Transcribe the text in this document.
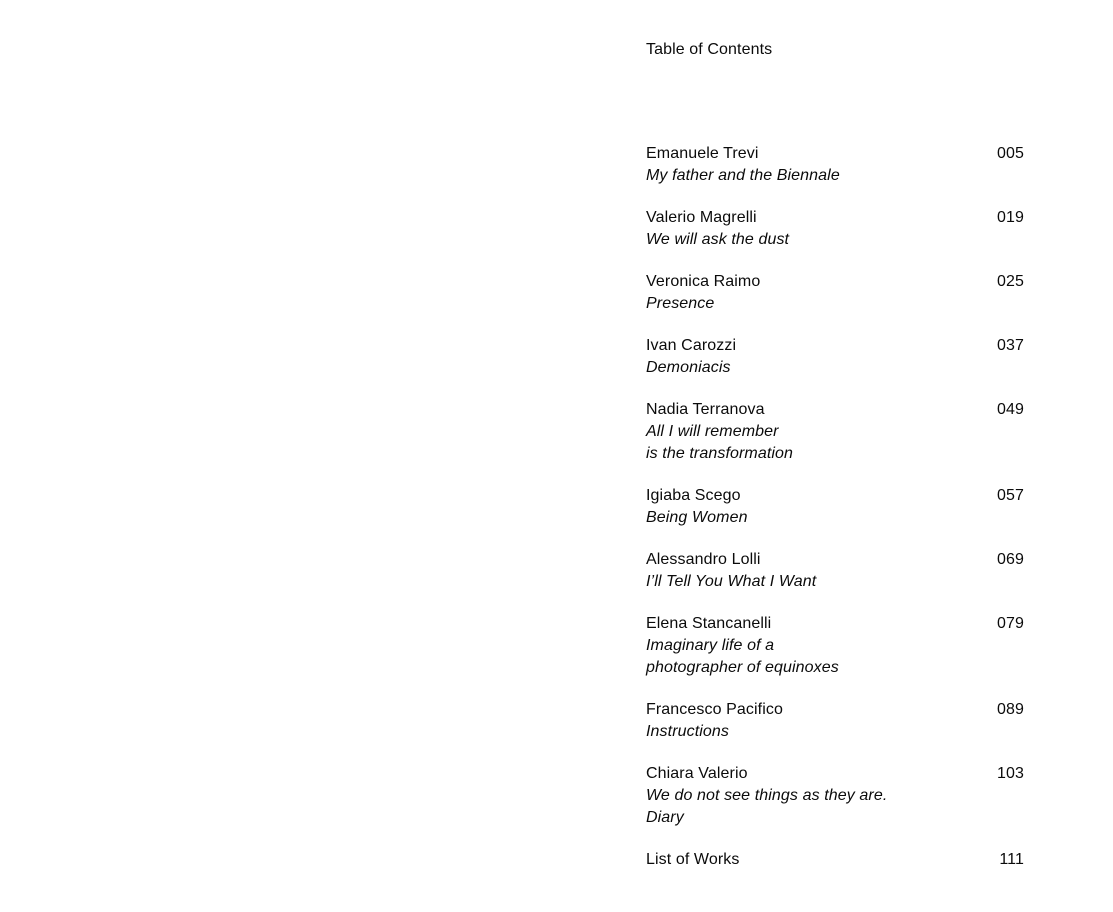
Table of Contents
Emanuele Trevi
My father and the Biennale
005
Valerio Magrelli
We will ask the dust
019
Veronica Raimo
Presence
025
Ivan Carozzi
Demoniacis
037
Nadia Terranova
All I will remember
is the transformation
049
Igiaba Scego
Being Women
057
Alessandro Lolli
I’ll Tell You What I Want
069
Elena Stancanelli
Imaginary life of a
photographer of equinoxes
079
Francesco Pacifico
Instructions
089
Chiara Valerio
We do not see things as they are.
Diary
103
List of Works	111
